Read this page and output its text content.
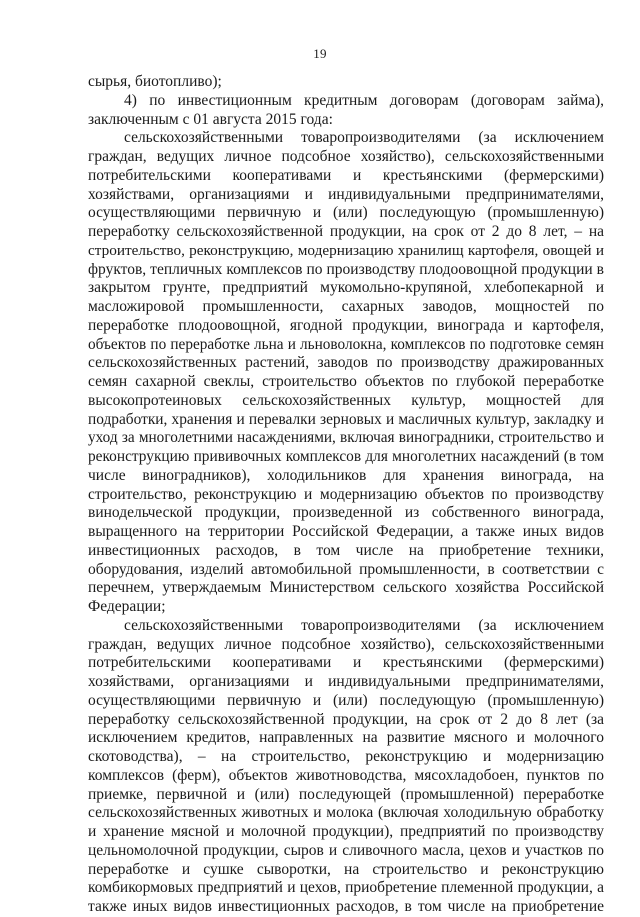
19
сырья, биотопливо);
4) по инвестиционным кредитным договорам (договорам займа),
заключенным с 01 августа 2015 года:
сельскохозяйственными товаропроизводителями (за исключением
граждан, ведущих личное подсобное хозяйство), сельскохозяйственными
потребительскими кооперативами и крестьянскими (фермерскими)
хозяйствами, организациями и индивидуальными предпринимателями,
осуществляющими первичную и (или) последующую (промышленную)
переработку сельскохозяйственной продукции, на срок от 2 до 8 лет, – на
строительство, реконструкцию, модернизацию хранилищ картофеля, овощей и
фруктов, тепличных комплексов по производству плодоовощной продукции в
закрытом грунте, предприятий мукомольно-крупяной, хлебопекарной и
масложировой промышленности, сахарных заводов, мощностей по
переработке плодоовощной, ягодной продукции, винограда и картофеля,
объектов по переработке льна и льноволокна, комплексов по подготовке семян
сельскохозяйственных растений, заводов по производству дражированных
семян сахарной свеклы, строительство объектов по глубокой переработке
высокопротеиновых сельскохозяйственных культур, мощностей для
подработки, хранения и перевалки зерновых и масличных культур, закладку и
уход за многолетними насаждениями, включая виноградники, строительство и
реконструкцию прививочных комплексов для многолетних насаждений (в том
числе виноградников), холодильников для хранения винограда, на
строительство, реконструкцию и модернизацию объектов по производству
винодельческой продукции, произведенной из собственного винограда,
выращенного на территории Российской Федерации, а также иных видов
инвестиционных расходов, в том числе на приобретение техники,
оборудования, изделий автомобильной промышленности, в соответствии с
перечнем, утверждаемым Министерством сельского хозяйства Российской
Федерации;
сельскохозяйственными товаропроизводителями (за исключением
граждан, ведущих личное подсобное хозяйство), сельскохозяйственными
потребительскими кооперативами и крестьянскими (фермерскими)
хозяйствами, организациями и индивидуальными предпринимателями,
осуществляющими первичную и (или) последующую (промышленную)
переработку сельскохозяйственной продукции, на срок от 2 до 8 лет (за
исключением кредитов, направленных на развитие мясного и молочного
скотоводства), – на строительство, реконструкцию и модернизацию
комплексов (ферм), объектов животноводства, мясохладобоен, пунктов по
приемке, первичной и (или) последующей (промышленной) переработке
сельскохозяйственных животных и молока (включая холодильную обработку
и хранение мясной и молочной продукции), предприятий по производству
цельномолочной продукции, сыров и сливочного масла, цехов и участков по
переработке и сушке сыворотки, на строительство и реконструкцию
комбикормовых предприятий и цехов, приобретение племенной продукции, а
также иных видов инвестиционных расходов, в том числе на приобретение
